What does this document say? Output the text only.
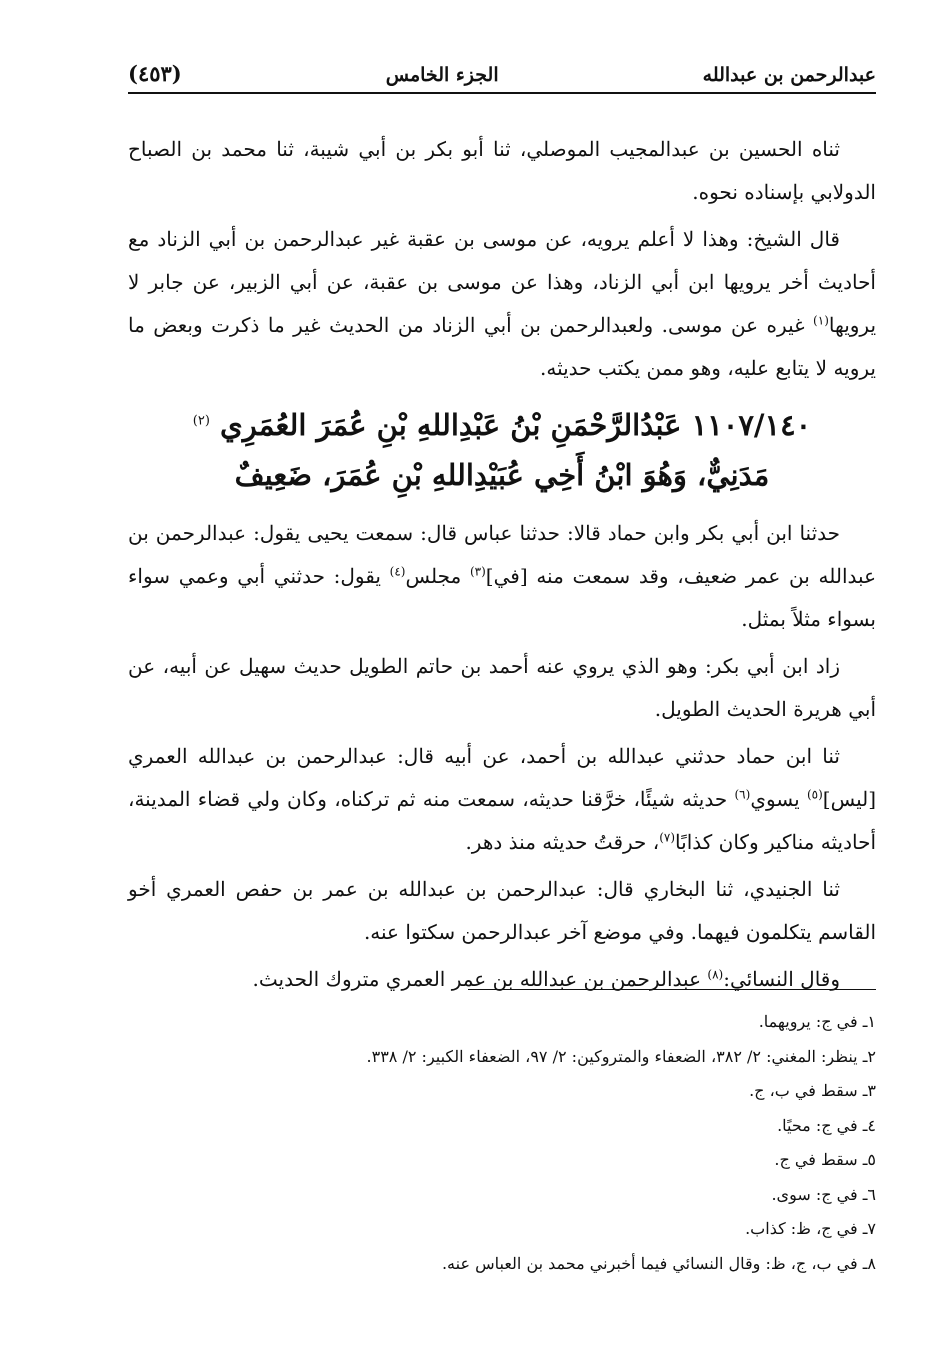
عبدالرحمن بن عبدالله
الجزء الخامس
(٤٥٣)

ثناه الحسين بن عبدالمجيب الموصلي، ثنا أبو بكر بن أبي شيبة، ثنا محمد بن الصباح الدولابي بإسناده نحوه.

قال الشيخ: وهذا لا أعلم يرويه، عن موسى بن عقبة غير عبدالرحمن بن أبي الزناد مع أحاديث أخر يرويها ابن أبي الزناد، وهذا عن موسى بن عقبة، عن أبي الزبير، عن جابر لا يرويها$^{(١)}$ غيره عن موسى. ولعبدالرحمن بن أبي الزناد من الحديث غير ما ذكرت وبعض ما يرويه لا يتابع عليه، وهو ممن يكتب حديثه.

١١٠٧/١٤٠ عَبْدُالرَّحْمَنِ بْنُ عَبْدِاللهِ بْنِ عُمَرَ العُمَرِي $^{(٢)}$
مَدَنِيٌّ، وَهُوَ ابْنُ أَخِي عُبَيْدِاللهِ بْنِ عُمَرَ، ضَعِيفٌ

حدثنا ابن أبي بكر وابن حماد قالا: حدثنا عباس قال: سمعت يحيى يقول: عبدالرحمن بن عبدالله بن عمر ضعيف، وقد سمعت منه [في]$^{(٣)}$ مجلس$^{(٤)}$ يقول: حدثني أبي وعمي سواء بسواء مثلاً بمثل.

زاد ابن أبي بكر: وهو الذي يروي عنه أحمد بن حاتم الطويل حديث سهيل عن أبيه، عن أبي هريرة الحديث الطويل.

ثنا ابن حماد حدثني عبدالله بن أحمد، عن أبيه قال: عبدالرحمن بن عبدالله العمري [ليس]$^{(٥)}$ يسوي$^{(٦)}$ حديثه شيئًا، خرَّقنا حديثه، سمعت منه ثم تركناه، وكان ولي قضاء المدينة، أحاديثه مناكير وكان كذابًا$^{(٧)}$، حرقتُ حديثه منذ دهر.

ثنا الجنيدي، ثنا البخاري قال: عبدالرحمن بن عبدالله بن عمر بن حفص العمري أخو القاسم يتكلمون فيهما. وفي موضع آخر عبدالرحمن سكتوا عنه.

وقال النسائي:$^{(٨)}$ عبدالرحمن بن عبدالله بن عمر العمري متروك الحديث.

١ـ في ج: يرويهما.
٢ـ ينظر: المغني: ٢/ ٣٨٢، الضعفاء والمتروكين: ٢/ ٩٧، الضعفاء الكبير: ٢/ ٣٣٨.
٣ـ سقط في ب، ج.
٤ـ في ج: محيًا.
٥ـ سقط في ج.
٦ـ في ج: سوى.
٧ـ في ج، ظ: كذاب.
٨ـ في ب، ج، ظ: وقال النسائي فيما أخبرني محمد بن العباس عنه.
